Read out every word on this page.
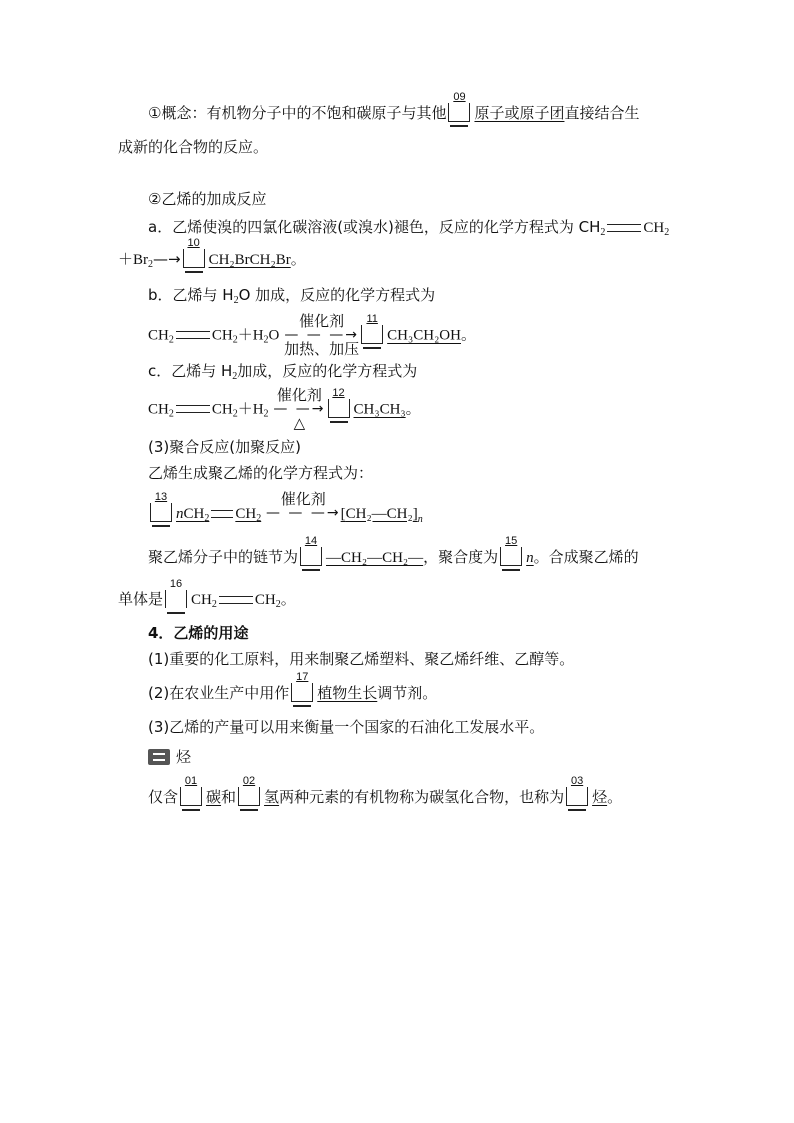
①概念：有机物分子中的不饱和碳原子与其他
09
原子或原子团直接结合生
成新的化合物的反应。
②乙烯的加成反应
a．乙烯使溴的四氯化碳溶液(或溴水)褪色，反应的化学方程式为 $CH_2$	$CH_2$
$+Br_2—\to$
10
CH₂BrCH₂Br。
b．乙烯与 $H_2O$ 加成，反应的化学方程式为
$CH_2$	$CH_2+H_2O$
催化剂
— — —→
加热、加压
11
CH₃CH₂OH。
c．乙烯与 $H_2$加成，反应的化学方程式为
$CH_2$	$CH_2+H_2$
催化剂
— —→
△
12
CH₃CH₃。
(3)聚合反应(加聚反应)
乙烯生成聚乙烯的化学方程式为：
13
nCH$_2$ $CH_2$
催化剂
— — —→
$[CH_2—CH_2]_n$
聚乙烯分子中的链节为
14
—CH₂—CH₂—，聚合度为
15
n。合成聚乙烯的
单体是
16
$CH_2$	$CH_2$。
4．乙烯的用途
(1)重要的化工原料，用来制聚乙烯塑料、聚乙烯纤维、乙醇等。
(2)在农业生产中用作
17
植物生长调节剂。
(3)乙烯的产量可以用来衡量一个国家的石油化工发展水平。
烃
仅含
01
碳和
02
氢两种元素的有机物称为碳氢化合物，也称为
03
烃。
